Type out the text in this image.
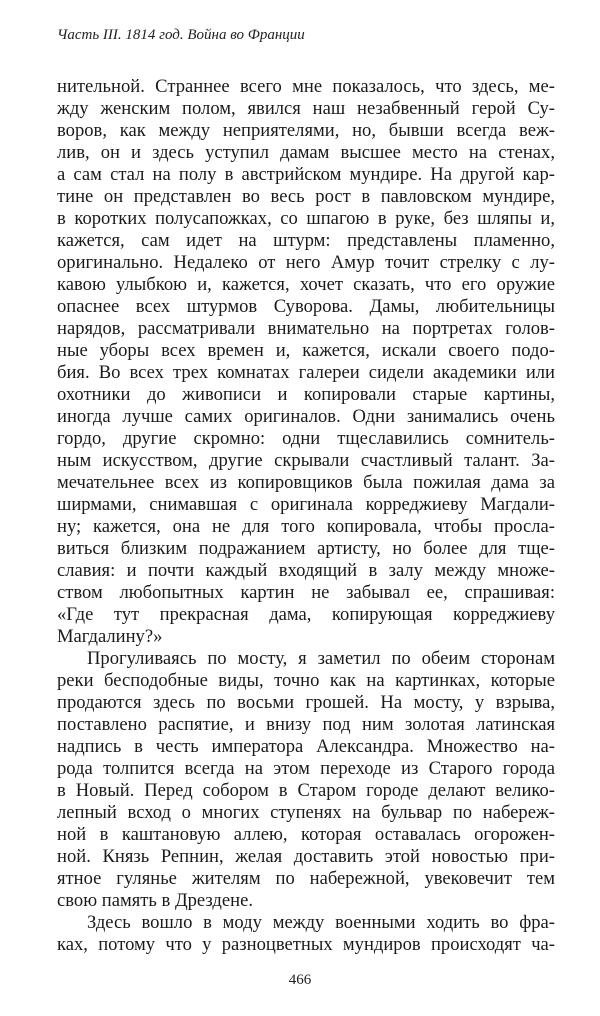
Часть III. 1814 год. Война во Франции
нительной. Страннее всего мне показалось, что здесь, ме-
жду женским полом, явился наш незабвенный герой Су-
воров, как между неприятелями, но, бывши всегда веж-
лив, он и здесь уступил дамам высшее место на стенах,
а сам стал на полу в австрийском мундире. На другой кар-
тине он представлен во весь рост в павловском мундире,
в коротких полусапожках, со шпагою в руке, без шляпы и,
кажется, сам идет на штурм: представлены пламенно,
оригинально. Недалеко от него Амур точит стрелку с лу-
кавою улыбкою и, кажется, хочет сказать, что его оружие
опаснее всех штурмов Суворова. Дамы, любительницы
нарядов, рассматривали внимательно на портретах голов-
ные уборы всех времен и, кажется, искали своего подо-
бия. Во всех трех комнатах галереи сидели академики или
охотники до живописи и копировали старые картины,
иногда лучше самих оригиналов. Одни занимались очень
гордо, другие скромно: одни тщеславились сомнитель-
ным искусством, другие скрывали счастливый талант. За-
мечательнее всех из копировщиков была пожилая дама за
ширмами, снимавшая с оригинала корреджиеву Магдали-
ну; кажется, она не для того копировала, чтобы просла-
виться близким подражанием артисту, но более для тще-
славия: и почти каждый входящий в залу между множе-
ством любопытных картин не забывал ее, спрашивая:
«Где тут прекрасная дама, копирующая корреджиеву
Магдалину?»
Прогуливаясь по мосту, я заметил по обеим сторонам
реки бесподобные виды, точно как на картинках, которые
продаются здесь по восьми грошей. На мосту, у взрыва,
поставлено распятие, и внизу под ним золотая латинская
надпись в честь императора Александра. Множество на-
рода толпится всегда на этом переходе из Старого города
в Новый. Перед собором в Старом городе делают велико-
лепный всход о многих ступенях на бульвар по набереж-
ной в каштановую аллею, которая оставалась огорожен-
ной. Князь Репнин, желая доставить этой новостью при-
ятное гулянье жителям по набережной, увековечит тем
свою память в Дрездене.
Здесь вошло в моду между военными ходить во фра-
ках, потому что у разноцветных мундиров происходят ча-
466
